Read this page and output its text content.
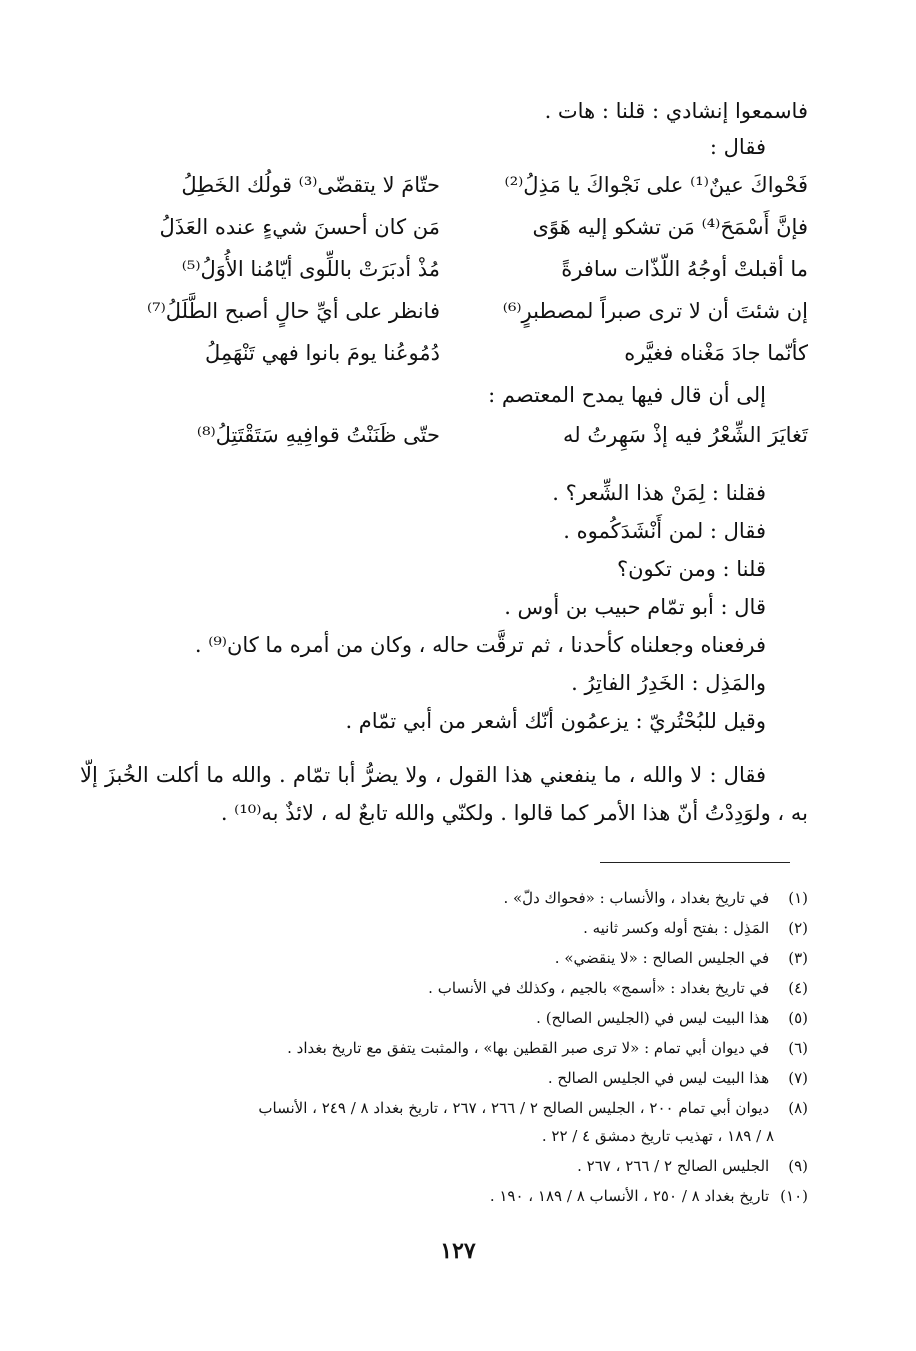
فاسمعوا إنشادي : قلنا : هات .
فقال :
فَحْواكَ عينٌ⁽¹⁾ على نَجْواكَ يا مَذِلُ⁽²⁾
حتّامَ لا يتقضّى⁽³⁾ قولُك الخَطِلُ
فإنَّ أَسْمَحَ⁽⁴⁾ مَن تشكو إليه هَوًى
مَن كان أحسنَ شيءٍ عنده العَذَلُ
ما أقبلتْ أوجُهُ اللّذّات سافرةً
مُذْ أدبَرَتْ باللِّوى أيّامُنا الأُوَلُ⁽⁵⁾
إن شئتَ أن لا ترى صبراً لمصطبرٍ⁽⁶⁾
فانظر على أيِّ حالٍ أصبح الطَّلَلُ⁽⁷⁾
كأنّما جادَ مَغْناه فغيَّره
دُمُوعُنا يومَ بانوا فهي تَنْهَمِلُ
إلى أن قال فيها يمدح المعتصم :
تَغايَرَ الشِّعْرُ فيه إذْ سَهِرتُ له
حتّى ظَنَنْتُ قوافِيهِ سَتَقْتَتِلُ⁽⁸⁾
فقلنا : لِمَنْ هذا الشِّعر؟ .
فقال : لمن أَنْشَدَكُموه .
قلنا : ومن تكون؟
قال : أبو تمّام حبيب بن أوس .
فرفعناه وجعلناه كأحدنا ، ثم ترقَّت حاله ، وكان من أمره ما كان⁽⁹⁾ .
والمَذِل : الخَدِرُ الفاتِرُ .
وقيل للبُحْتُريّ : يزعمُون أنّك أشعر من أبي تمّام .
فقال : لا والله ، ما ينفعني هذا القول ، ولا يضرُّ أبا تمّام . والله ما أكلت الخُبزَ إلّا به ، ولوَدِدْتُ أنّ هذا الأمر كما قالوا . ولكنّي والله تابعٌ له ، لائذٌ به⁽¹⁰⁾ .
(١) في تاريخ بغداد ، والأنساب : «فحواك دلّ» .
(٢) المَذِل : بفتح أوله وكسر ثانيه .
(٣) في الجليس الصالح : «لا ينقضي» .
(٤) في تاريخ بغداد : «أسمج» بالجيم ، وكذلك في الأنساب .
(٥) هذا البيت ليس في (الجليس الصالح) .
(٦) في ديوان أبي تمام : «لا ترى صبر القطين بها» ، والمثبت يتفق مع تاريخ بغداد .
(٧) هذا البيت ليس في الجليس الصالح .
(٨) ديوان أبي تمام ٢٠٠ ، الجليس الصالح ٢ / ٢٦٦ ، ٢٦٧ ، تاريخ بغداد ٨ / ٢٤٩ ، الأنساب
٨ / ١٨٩ ، تهذيب تاريخ دمشق ٤ / ٢٢ .
(٩) الجليس الصالح ٢ / ٢٦٦ ، ٢٦٧ .
(١٠) تاريخ بغداد ٨ / ٢٥٠ ، الأنساب ٨ / ١٨٩ ، ١٩٠ .
١٢٧
